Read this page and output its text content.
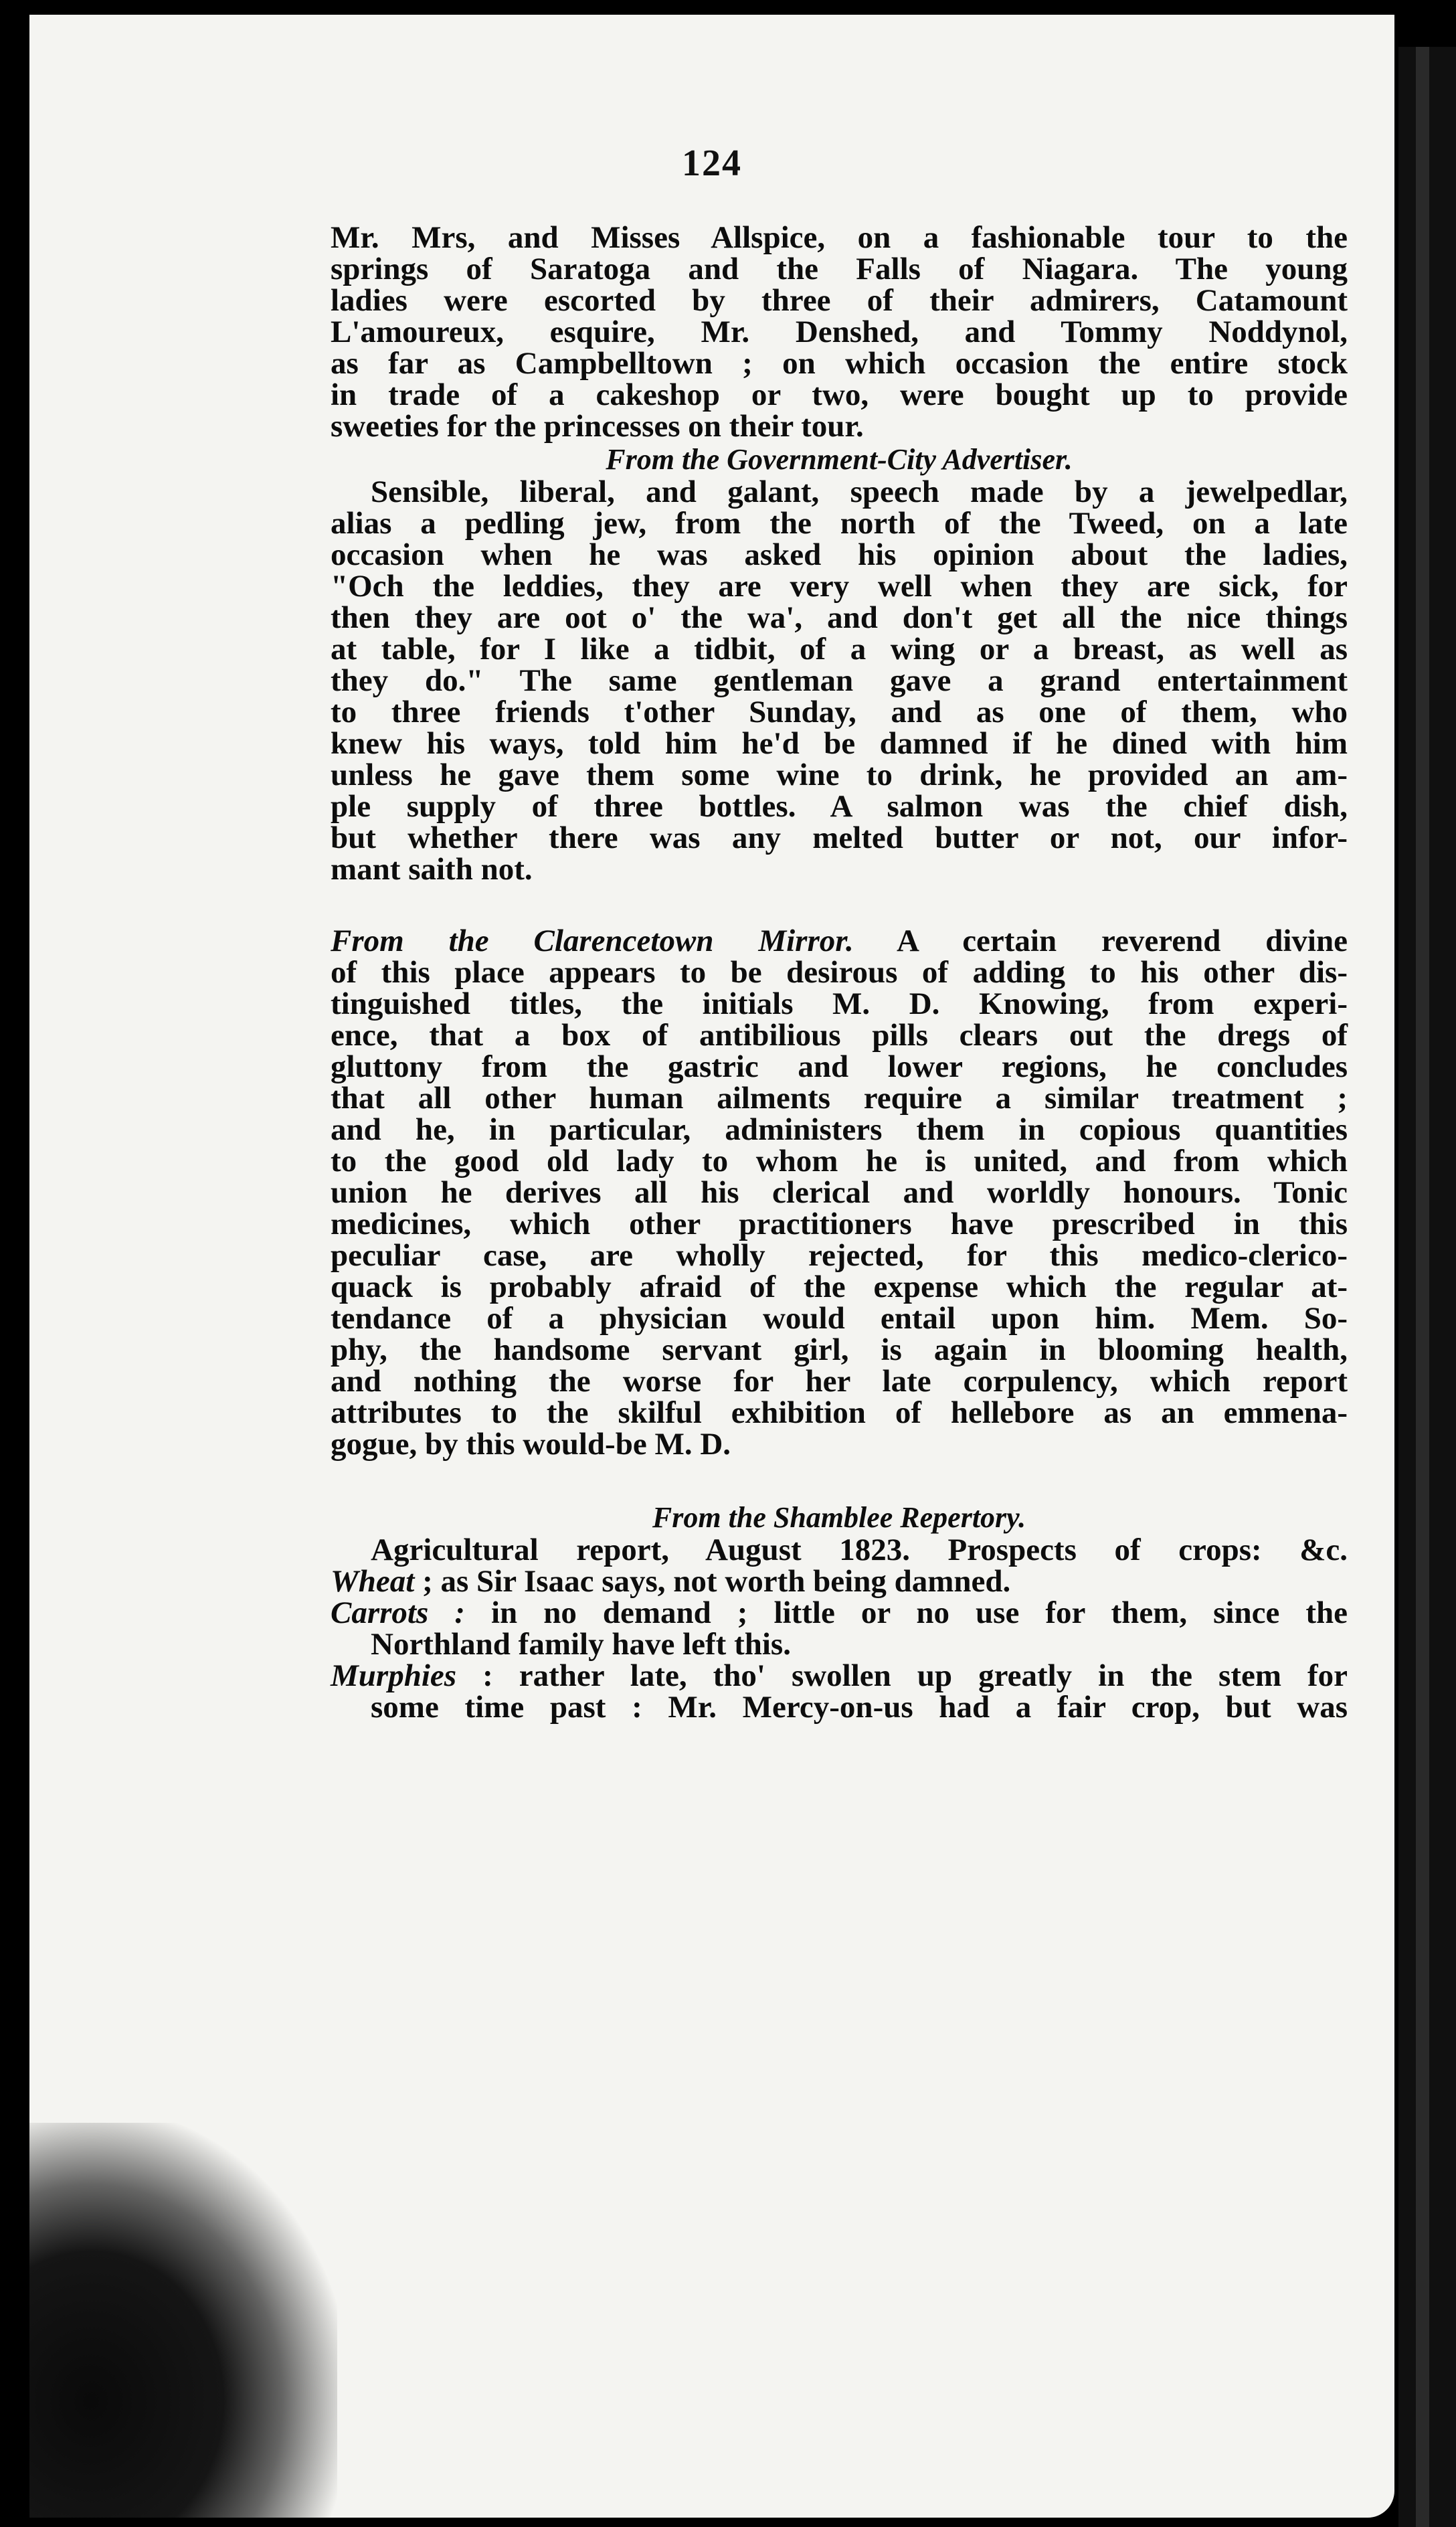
124
Mr. Mrs, and Misses Allspice, on a fashionable tour to the
springs of Saratoga and the Falls of Niagara. The young
ladies were escorted by three of their admirers, Catamount
L'amoureux, esquire, Mr. Denshed, and Tommy Noddynol,
as far as Campbelltown ; on which occasion the entire stock
in trade of a cakeshop or two, were bought up to provide
sweeties for the princesses on their tour.
From the Government-City Advertiser.
Sensible, liberal, and galant, speech made by a jewelpedlar,
alias a pedling jew, from the north of the Tweed, on a late
occasion when he was asked his opinion about the ladies,
"Och the leddies, they are very well when they are sick, for
then they are oot o' the wa', and don't get all the nice things
at table, for I like a tidbit, of a wing or a breast, as well as
they do." The same gentleman gave a grand entertainment
to three friends t'other Sunday, and as one of them, who
knew his ways, told him he'd be damned if he dined with him
unless he gave them some wine to drink, he provided an am-
ple supply of three bottles. A salmon was the chief dish,
but whether there was any melted butter or not, our infor-
mant saith not.
From the Clarencetown Mirror. A certain reverend divine
of this place appears to be desirous of adding to his other dis-
tinguished titles, the initials M. D. Knowing, from experi-
ence, that a box of antibilious pills clears out the dregs of
gluttony from the gastric and lower regions, he concludes
that all other human ailments require a similar treatment ;
and he, in particular, administers them in copious quantities
to the good old lady to whom he is united, and from which
union he derives all his clerical and worldly honours. Tonic
medicines, which other practitioners have prescribed in this
peculiar case, are wholly rejected, for this medico-clerico-
quack is probably afraid of the expense which the regular at-
tendance of a physician would entail upon him. Mem. So-
phy, the handsome servant girl, is again in blooming health,
and nothing the worse for her late corpulency, which report
attributes to the skilful exhibition of hellebore as an emmena-
gogue, by this would-be M. D.
From the Shamblee Repertory.
Agricultural report, August 1823. Prospects of crops: &c.
Wheat ; as Sir Isaac says, not worth being damned.
Carrots : in no demand ; little or no use for them, since the
Northland family have left this.
Murphies : rather late, tho' swollen up greatly in the stem for
some time past : Mr. Mercy-on-us had a fair crop, but was
